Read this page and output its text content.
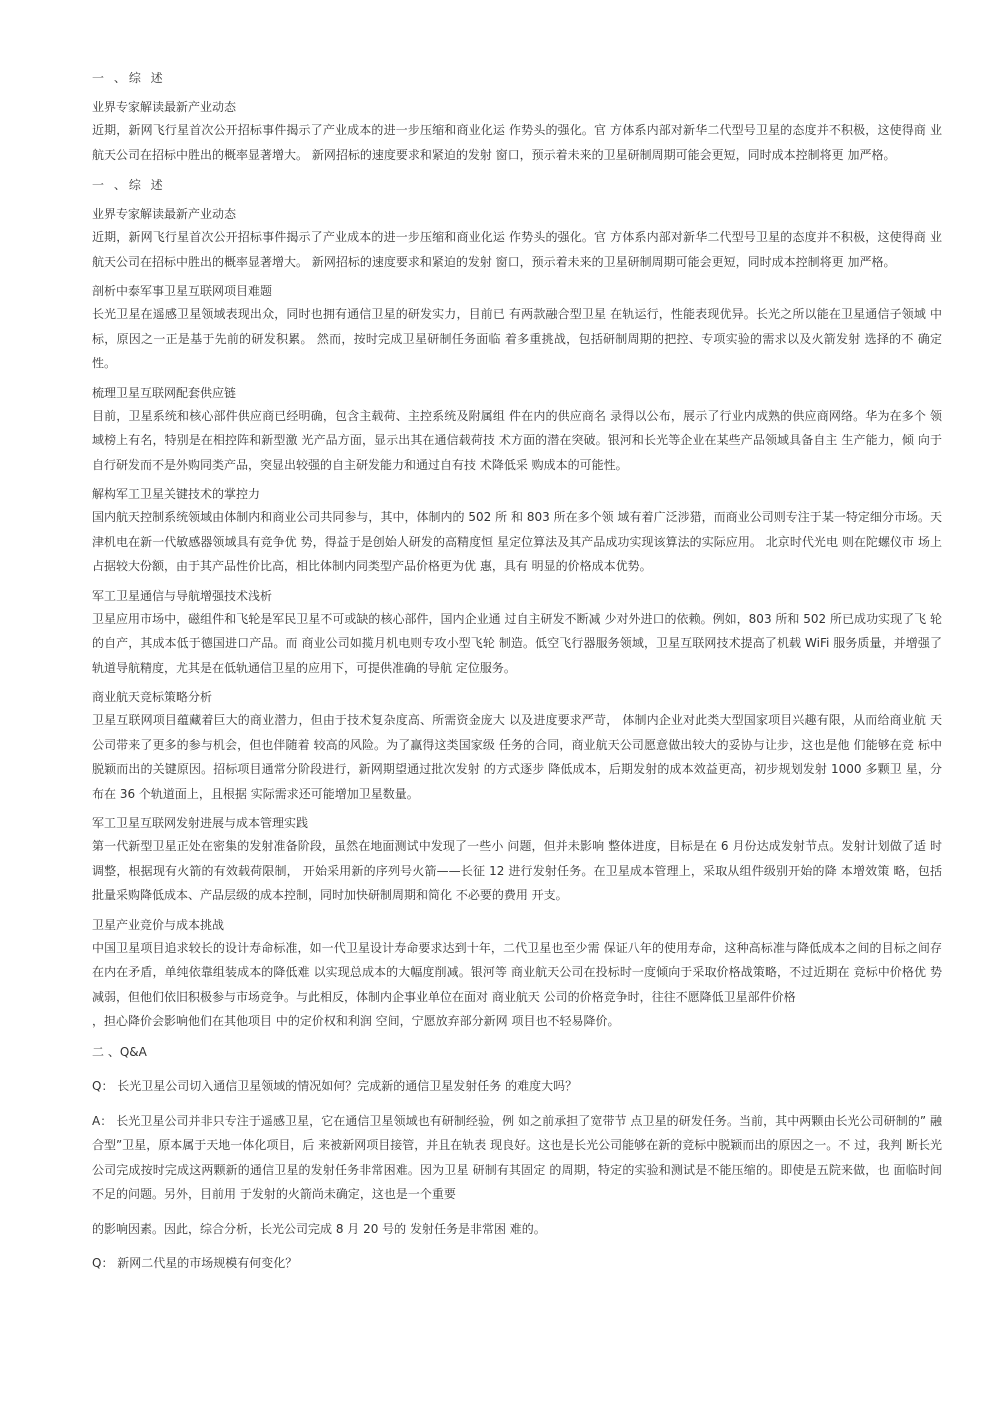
一 、综 述
业界专家解读最新产业动态
近期，新网飞行星首次公开招标事件揭示了产业成本的进一步压缩和商业化运 作势头的强化。官 方体系内部对新华二代型号卫星的态度并不积极，这使得商 业航天公司在招标中胜出的概率显著增大。 新网招标的速度要求和紧迫的发射 窗口，预示着未来的卫星研制周期可能会更短，同时成本控制将更 加严格。
一 、综 述
业界专家解读最新产业动态
近期，新网飞行星首次公开招标事件揭示了产业成本的进一步压缩和商业化运 作势头的强化。官 方体系内部对新华二代型号卫星的态度并不积极，这使得商 业航天公司在招标中胜出的概率显著增大。 新网招标的速度要求和紧迫的发射 窗口，预示着未来的卫星研制周期可能会更短，同时成本控制将更 加严格。
剖析中泰军事卫星互联网项目难题
长光卫星在遥感卫星领域表现出众，同时也拥有通信卫星的研发实力，目前已 有两款融合型卫星 在轨运行，性能表现优异。长光之所以能在卫星通信子领域 中标，原因之一正是基于先前的研发积累。 然而，按时完成卫星研制任务面临 着多重挑战，包括研制周期的把控、专项实验的需求以及火箭发射 选择的不 确定性。
梳理卫星互联网配套供应链
目前，卫星系统和核心部件供应商已经明确，包含主载荷、主控系统及附属组 件在内的供应商名 录得以公布，展示了行业内成熟的供应商网络。华为在多个 领域榜上有名，特别是在相控阵和新型激 光产品方面，显示出其在通信载荷技 术方面的潜在突破。银河和长光等企业在某些产品领域具备自主 生产能力，倾 向于自行研发而不是外购同类产品，突显出较强的自主研发能力和通过自有技 术降低采 购成本的可能性。
解构军工卫星关键技术的掌控力
国内航天控制系统领域由体制内和商业公司共同参与，其中，体制内的 502 所 和 803 所在多个领 域有着广泛涉猎，而商业公司则专注于某一特定细分市场。天津机电在新一代敏感器领域具有竞争优 势，得益于是创始人研发的高精度恒 星定位算法及其产品成功实现该算法的实际应用。 北京时代光电 则在陀螺仪市 场上占据较大份额，由于其产品性价比高，相比体制内同类型产品价格更为优 惠，具有 明显的价格成本优势。
军工卫星通信与导航增强技术浅析
卫星应用市场中，磁组件和飞轮是军民卫星不可或缺的核心部件，国内企业通 过自主研发不断减 少对外进口的依赖。例如，803 所和 502 所已成功实现了飞 轮的自产，其成本低于德国进口产品。而 商业公司如揽月机电则专攻小型飞轮 制造。低空飞行器服务领域，卫星互联网技术提高了机载 WiFi 服务质量，并增强了轨道导航精度，尤其是在低轨通信卫星的应用下，可提供准确的导航 定位服务。
商业航天竞标策略分析
卫星互联网项目蕴藏着巨大的商业潜力，但由于技术复杂度高、所需资金庞大 以及进度要求严苛， 体制内企业对此类大型国家项目兴趣有限，从而给商业航 天公司带来了更多的参与机会，但也伴随着 较高的风险。为了赢得这类国家级 任务的合同，商业航天公司愿意做出较大的妥协与让步，这也是他 们能够在竞 标中脱颖而出的关键原因。招标项目通常分阶段进行，新网期望通过批次发射 的方式逐步 降低成本，后期发射的成本效益更高，初步规划发射 1000 多颗卫 星，分布在 36 个轨道面上，且根据 实际需求还可能增加卫星数量。
军工卫星互联网发射进展与成本管理实践
第一代新型卫星正处在密集的发射准备阶段，虽然在地面测试中发现了一些小 问题，但并未影响 整体进度，目标是在 6 月份达成发射节点。发射计划做了适 时调整，根据现有火箭的有效载荷限制， 开始采用新的序列号火箭——长征 12 进行发射任务。在卫星成本管理上，采取从组件级别开始的降 本增效策 略，包括批量采购降低成本、产品层级的成本控制，同时加快研制周期和简化 不必要的费用 开支。
卫星产业竞价与成本挑战
中国卫星项目追求较长的设计寿命标准，如一代卫星设计寿命要求达到十年，二代卫星也至少需 保证八年的使用寿命，这种高标准与降低成本之间的目标之间存 在内在矛盾，单纯依靠组装成本的降低难 以实现总成本的大幅度削减。银河等 商业航天公司在投标时一度倾向于采取价格战策略，不过近期在 竞标中价格优 势减弱，但他们依旧积极参与市场竞争。与此相反，体制内企事业单位在面对 商业航天 公司的价格竞争时，往往不愿降低卫星部件价格
，担心降价会影响他们在其他项目 中的定价权和利润 空间，宁愿放弃部分新网 项目也不轻易降价。
二 、Q&A
Q： 长光卫星公司切入通信卫星领域的情况如何？完成新的通信卫星发射任务 的难度大吗？
A： 长光卫星公司并非只专注于遥感卫星，它在通信卫星领域也有研制经验，例 如之前承担了宽带节 点卫星的研发任务。当前，其中两颗由长光公司研制的” 融合型”卫星，原本属于天地一体化项目，后 来被新网项目接管，并且在轨表 现良好。这也是长光公司能够在新的竞标中脱颖而出的原因之一。不 过，我判 断长光公司完成按时完成这两颗新的通信卫星的发射任务非常困难。因为卫星 研制有其固定 的周期，特定的实验和测试是不能压缩的。即使是五院来做，也 面临时间不足的问题。另外，目前用 于发射的火箭尚未确定，这也是一个重要
的影响因素。因此，综合分析，长光公司完成 8 月 20 号的 发射任务是非常困 难的。
Q： 新网二代星的市场规模有何变化？
